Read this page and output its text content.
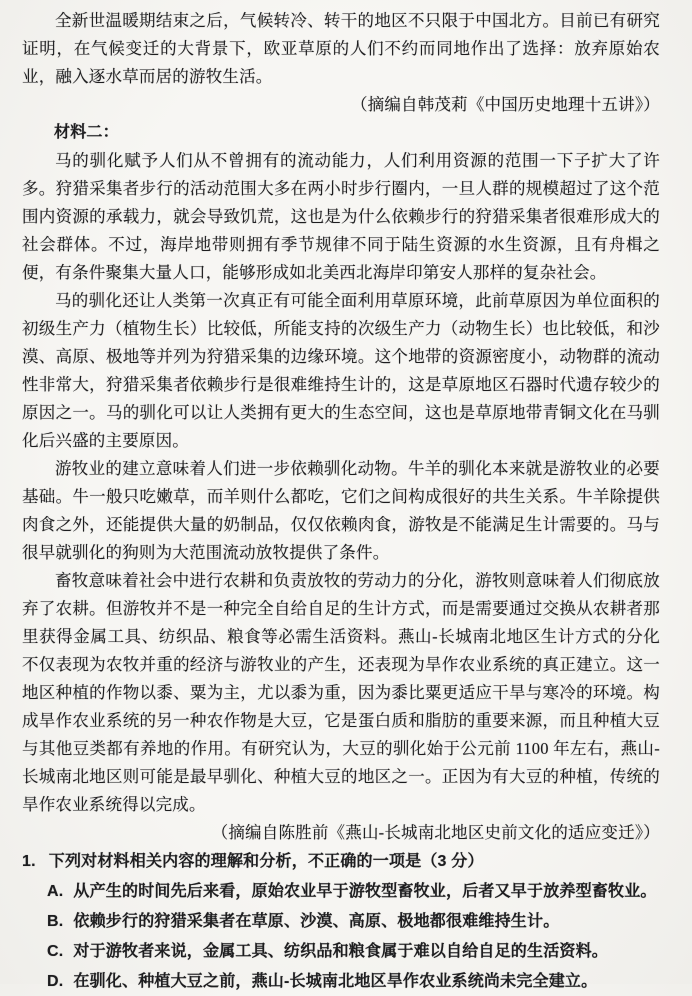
全新世温暖期结束之后，气候转冷、转干的地区不只限于中国北方。目前已有研究证明，在气候变迁的大背景下，欧亚草原的人们不约而同地作出了选择：放弃原始农业，融入逐水草而居的游牧生活。

（摘编自韩茂莉《中国历史地理十五讲》）

材料二：

马的驯化赋予人们从不曾拥有的流动能力，人们利用资源的范围一下子扩大了许多。狩猎采集者步行的活动范围大多在两小时步行圈内，一旦人群的规模超过了这个范围内资源的承载力，就会导致饥荒，这也是为什么依赖步行的狩猎采集者很难形成大的社会群体。不过，海岸地带则拥有季节规律不同于陆生资源的水生资源，且有舟楫之便，有条件聚集大量人口，能够形成如北美西北海岸印第安人那样的复杂社会。

马的驯化还让人类第一次真正有可能全面利用草原环境，此前草原因为单位面积的初级生产力（植物生长）比较低，所能支持的次级生产力（动物生长）也比较低，和沙漠、高原、极地等并列为狩猎采集的边缘环境。这个地带的资源密度小，动物群的流动性非常大，狩猎采集者依赖步行是很难维持生计的，这是草原地区石器时代遗存较少的原因之一。马的驯化可以让人类拥有更大的生态空间，这也是草原地带青铜文化在马驯化后兴盛的主要原因。

游牧业的建立意味着人们进一步依赖驯化动物。牛羊的驯化本来就是游牧业的必要基础。牛一般只吃嫩草，而羊则什么都吃，它们之间构成很好的共生关系。牛羊除提供肉食之外，还能提供大量的奶制品，仅仅依赖肉食，游牧是不能满足生计需要的。马与很早就驯化的狗则为大范围流动放牧提供了条件。

畜牧意味着社会中进行农耕和负责放牧的劳动力的分化，游牧则意味着人们彻底放弃了农耕。但游牧并不是一种完全自给自足的生计方式，而是需要通过交换从农耕者那里获得金属工具、纺织品、粮食等必需生活资料。燕山-长城南北地区生计方式的分化不仅表现为农牧并重的经济与游牧业的产生，还表现为旱作农业系统的真正建立。这一地区种植的作物以黍、粟为主，尤以黍为重，因为黍比粟更适应干旱与寒冷的环境。构成旱作农业系统的另一种农作物是大豆，它是蛋白质和脂肪的重要来源，而且种植大豆与其他豆类都有养地的作用。有研究认为，大豆的驯化始于公元前 1100 年左右，燕山-长城南北地区则可能是最早驯化、种植大豆的地区之一。正因为有大豆的种植，传统的旱作农业系统得以完成。

（摘编自陈胜前《燕山-长城南北地区史前文化的适应变迁》）

1. 下列对材料相关内容的理解和分析，不正确的一项是（3 分）
A. 从产生的时间先后来看，原始农业早于游牧型畜牧业，后者又早于放养型畜牧业。
B. 依赖步行的狩猎采集者在草原、沙漠、高原、极地都很难维持生计。
C. 对于游牧者来说，金属工具、纺织品和粮食属于难以自给自足的生活资料。
D. 在驯化、种植大豆之前，燕山-长城南北地区旱作农业系统尚未完全建立。
